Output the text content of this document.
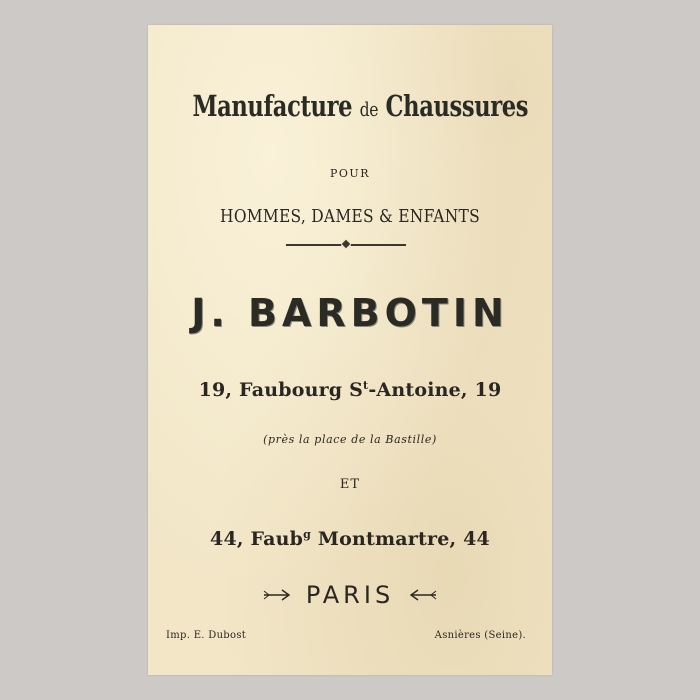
Manufacture de Chaussures
POUR
HOMMES, DAMES & ENFANTS
J. BARBOTIN
19, Faubourg $S^t$-Antoine, 19
(près la place de la Bastille)
ET
44, Faub$^g$ Montmartre, 44
PARIS
Imp. E. Dubost	Asnières (Seine).
